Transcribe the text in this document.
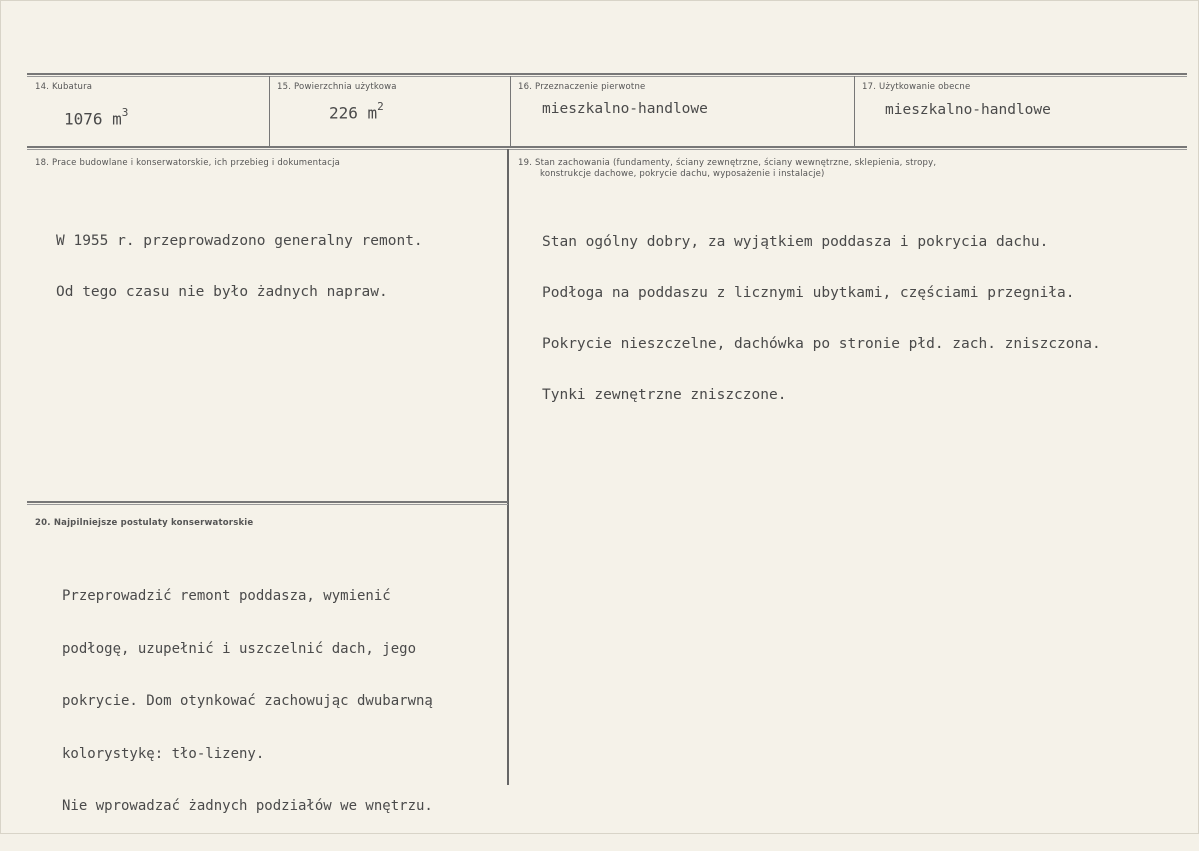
14. Kubatura
1076 $m^3$
15. Powierzchnia użytkowa
226 $m^2$
16. Przeznaczenie pierwotne
mieszkalno-handlowe
17. Użytkowanie obecne
mieszkalno-handlowe
18. Prace budowlane i konserwatorskie, ich przebieg i dokumentacja

W 1955 r. przeprowadzono generalny remont.

Od tego czasu nie było żadnych napraw.

19. Stan zachowania (fundamenty, ściany zewnętrzne, ściany wewnętrzne, sklepienia, stropy,
konstrukcje dachowe, pokrycie dachu, wyposażenie i instalacje)

Stan ogólny dobry, za wyjątkiem poddasza i pokrycia dachu.

Podłoga na poddaszu z licznymi ubytkami, częściami przegniła.

Pokrycie nieszczelne, dachówka po stronie płd. zach. zniszczona.

Tynki zewnętrzne zniszczone.

20. Najpilniejsze postulaty konserwatorskie

Przeprowadzić remont poddasza, wymienić

podłogę, uzupełnić i uszczelnić dach, jego

pokrycie. Dom otynkować zachowując dwubarwną

kolorystykę: tło-lizeny.

Nie wprowadzać żadnych podziałów we wnętrzu.
